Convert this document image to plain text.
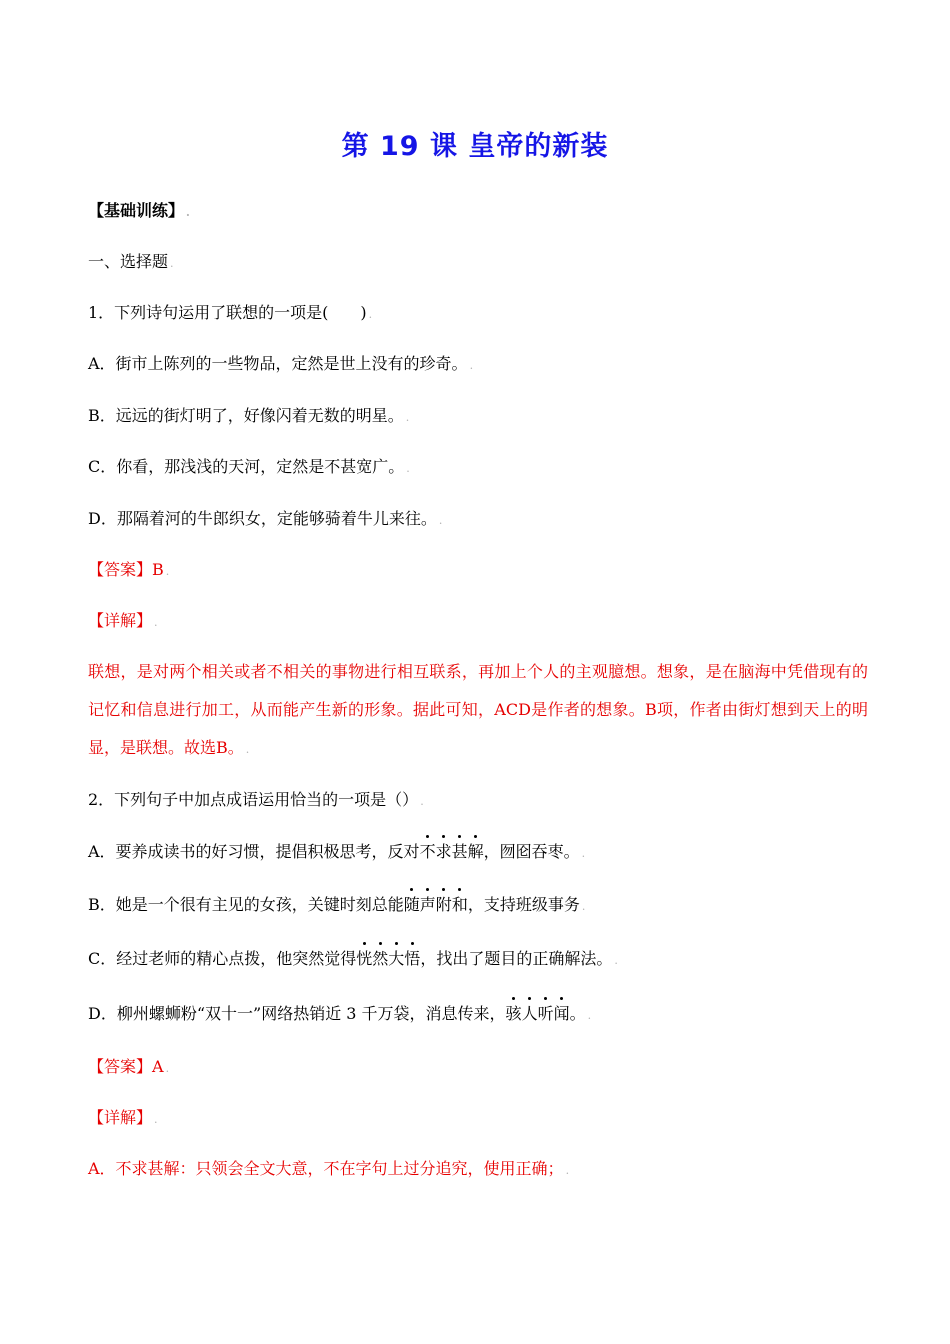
第 19 课 皇帝的新装
【基础训练】 .
一、选择题 .
1．下列诗句运用了联想的一项是(　　) .
A．街市上陈列的一些物品，定然是世上没有的珍奇。 .
B．远远的街灯明了，好像闪着无数的明星。 .
C．你看，那浅浅的天河，定然是不甚宽广。 .
D．那隔着河的牛郎织女，定能够骑着牛儿来往。 .
【答案】B .
【详解】 .
联想，是对两个相关或者不相关的事物进行相互联系，再加上个人的主观臆想。想象，是在脑海中凭借现有的记忆和信息进行加工，从而能产生新的形象。据此可知，ACD是作者的想象。B项，作者由街灯想到天上的明显，是联想。故选B。 .
2．下列句子中加点成语运用恰当的一项是（） .
A．要养成读书的好习惯，提倡积极思考，反对不求甚解，囫囵吞枣。 .
B．她是一个很有主见的女孩，关键时刻总能随声附和，支持班级事务 .
C．经过老师的精心点拨，他突然觉得恍然大悟，找出了题目的正确解法。 .
D．柳州螺蛳粉“双十一”网络热销近 3 千万袋，消息传来，骇人听闻。 .
【答案】A .
【详解】 .
A．不求甚解：只领会全文大意，不在字句上过分追究，使用正确； .
